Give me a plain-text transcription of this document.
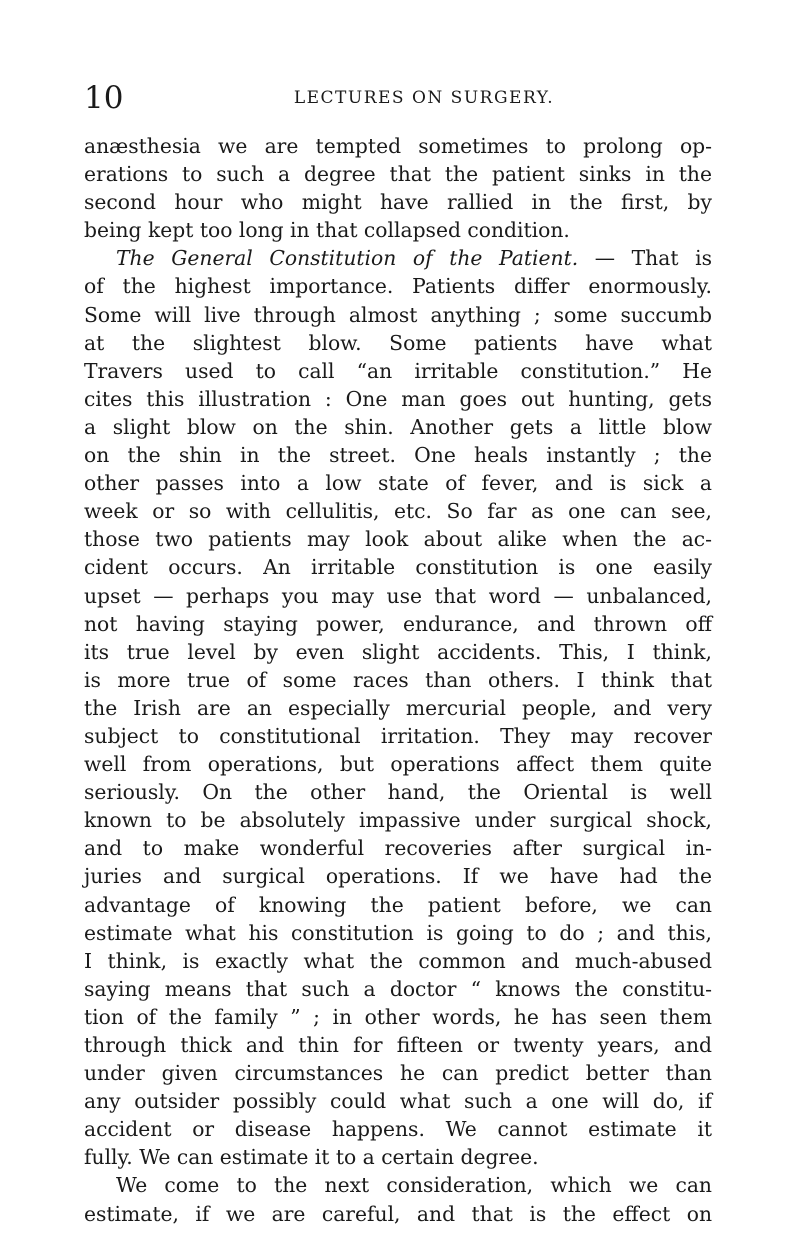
10	LECTURES ON SURGERY.
anæsthesia we are tempted sometimes to prolong op-
erations to such a degree that the patient sinks in the
second hour who might have rallied in the first, by
being kept too long in that collapsed condition.
The General Constitution of the Patient. — That is
of the highest importance. Patients differ enormously.
Some will live through almost anything ; some succumb
at the slightest blow. Some patients have what
Travers used to call “an irritable constitution.” He
cites this illustration : One man goes out hunting, gets
a slight blow on the shin. Another gets a little blow
on the shin in the street. One heals instantly ; the
other passes into a low state of fever, and is sick a
week or so with cellulitis, etc. So far as one can see,
those two patients may look about alike when the ac-
cident occurs. An irritable constitution is one easily
upset — perhaps you may use that word — unbalanced,
not having staying power, endurance, and thrown off
its true level by even slight accidents. This, I think,
is more true of some races than others. I think that
the Irish are an especially mercurial people, and very
subject to constitutional irritation. They may recover
well from operations, but operations affect them quite
seriously. On the other hand, the Oriental is well
known to be absolutely impassive under surgical shock,
and to make wonderful recoveries after surgical in-
juries and surgical operations. If we have had the
advantage of knowing the patient before, we can
estimate what his constitution is going to do ; and this,
I think, is exactly what the common and much-abused
saying means that such a doctor “ knows the constitu-
tion of the family ” ; in other words, he has seen them
through thick and thin for fifteen or twenty years, and
under given circumstances he can predict better than
any outsider possibly could what such a one will do, if
accident or disease happens. We cannot estimate it
fully. We can estimate it to a certain degree.
We come to the next consideration, which we can
estimate, if we are careful, and that is the effect on
